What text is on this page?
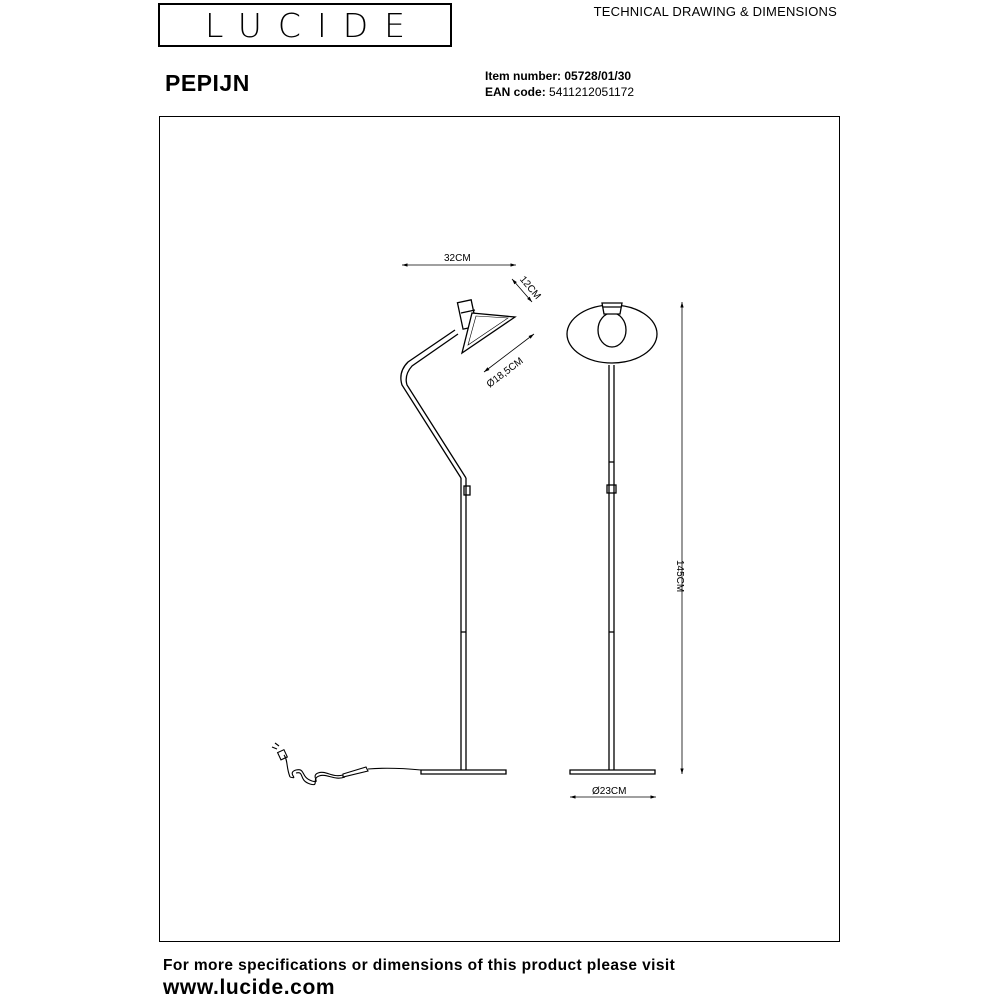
LUCIDE	TECHNICAL DRAWING & DIMENSIONS
PEPIJN	Item number: 05728/01/30
EAN code: 5411212051172
32CM
12CM
Ø18,5CM
145CM
Ø23CM
For more specifications or dimensions of this product please visit
www.lucide.com
